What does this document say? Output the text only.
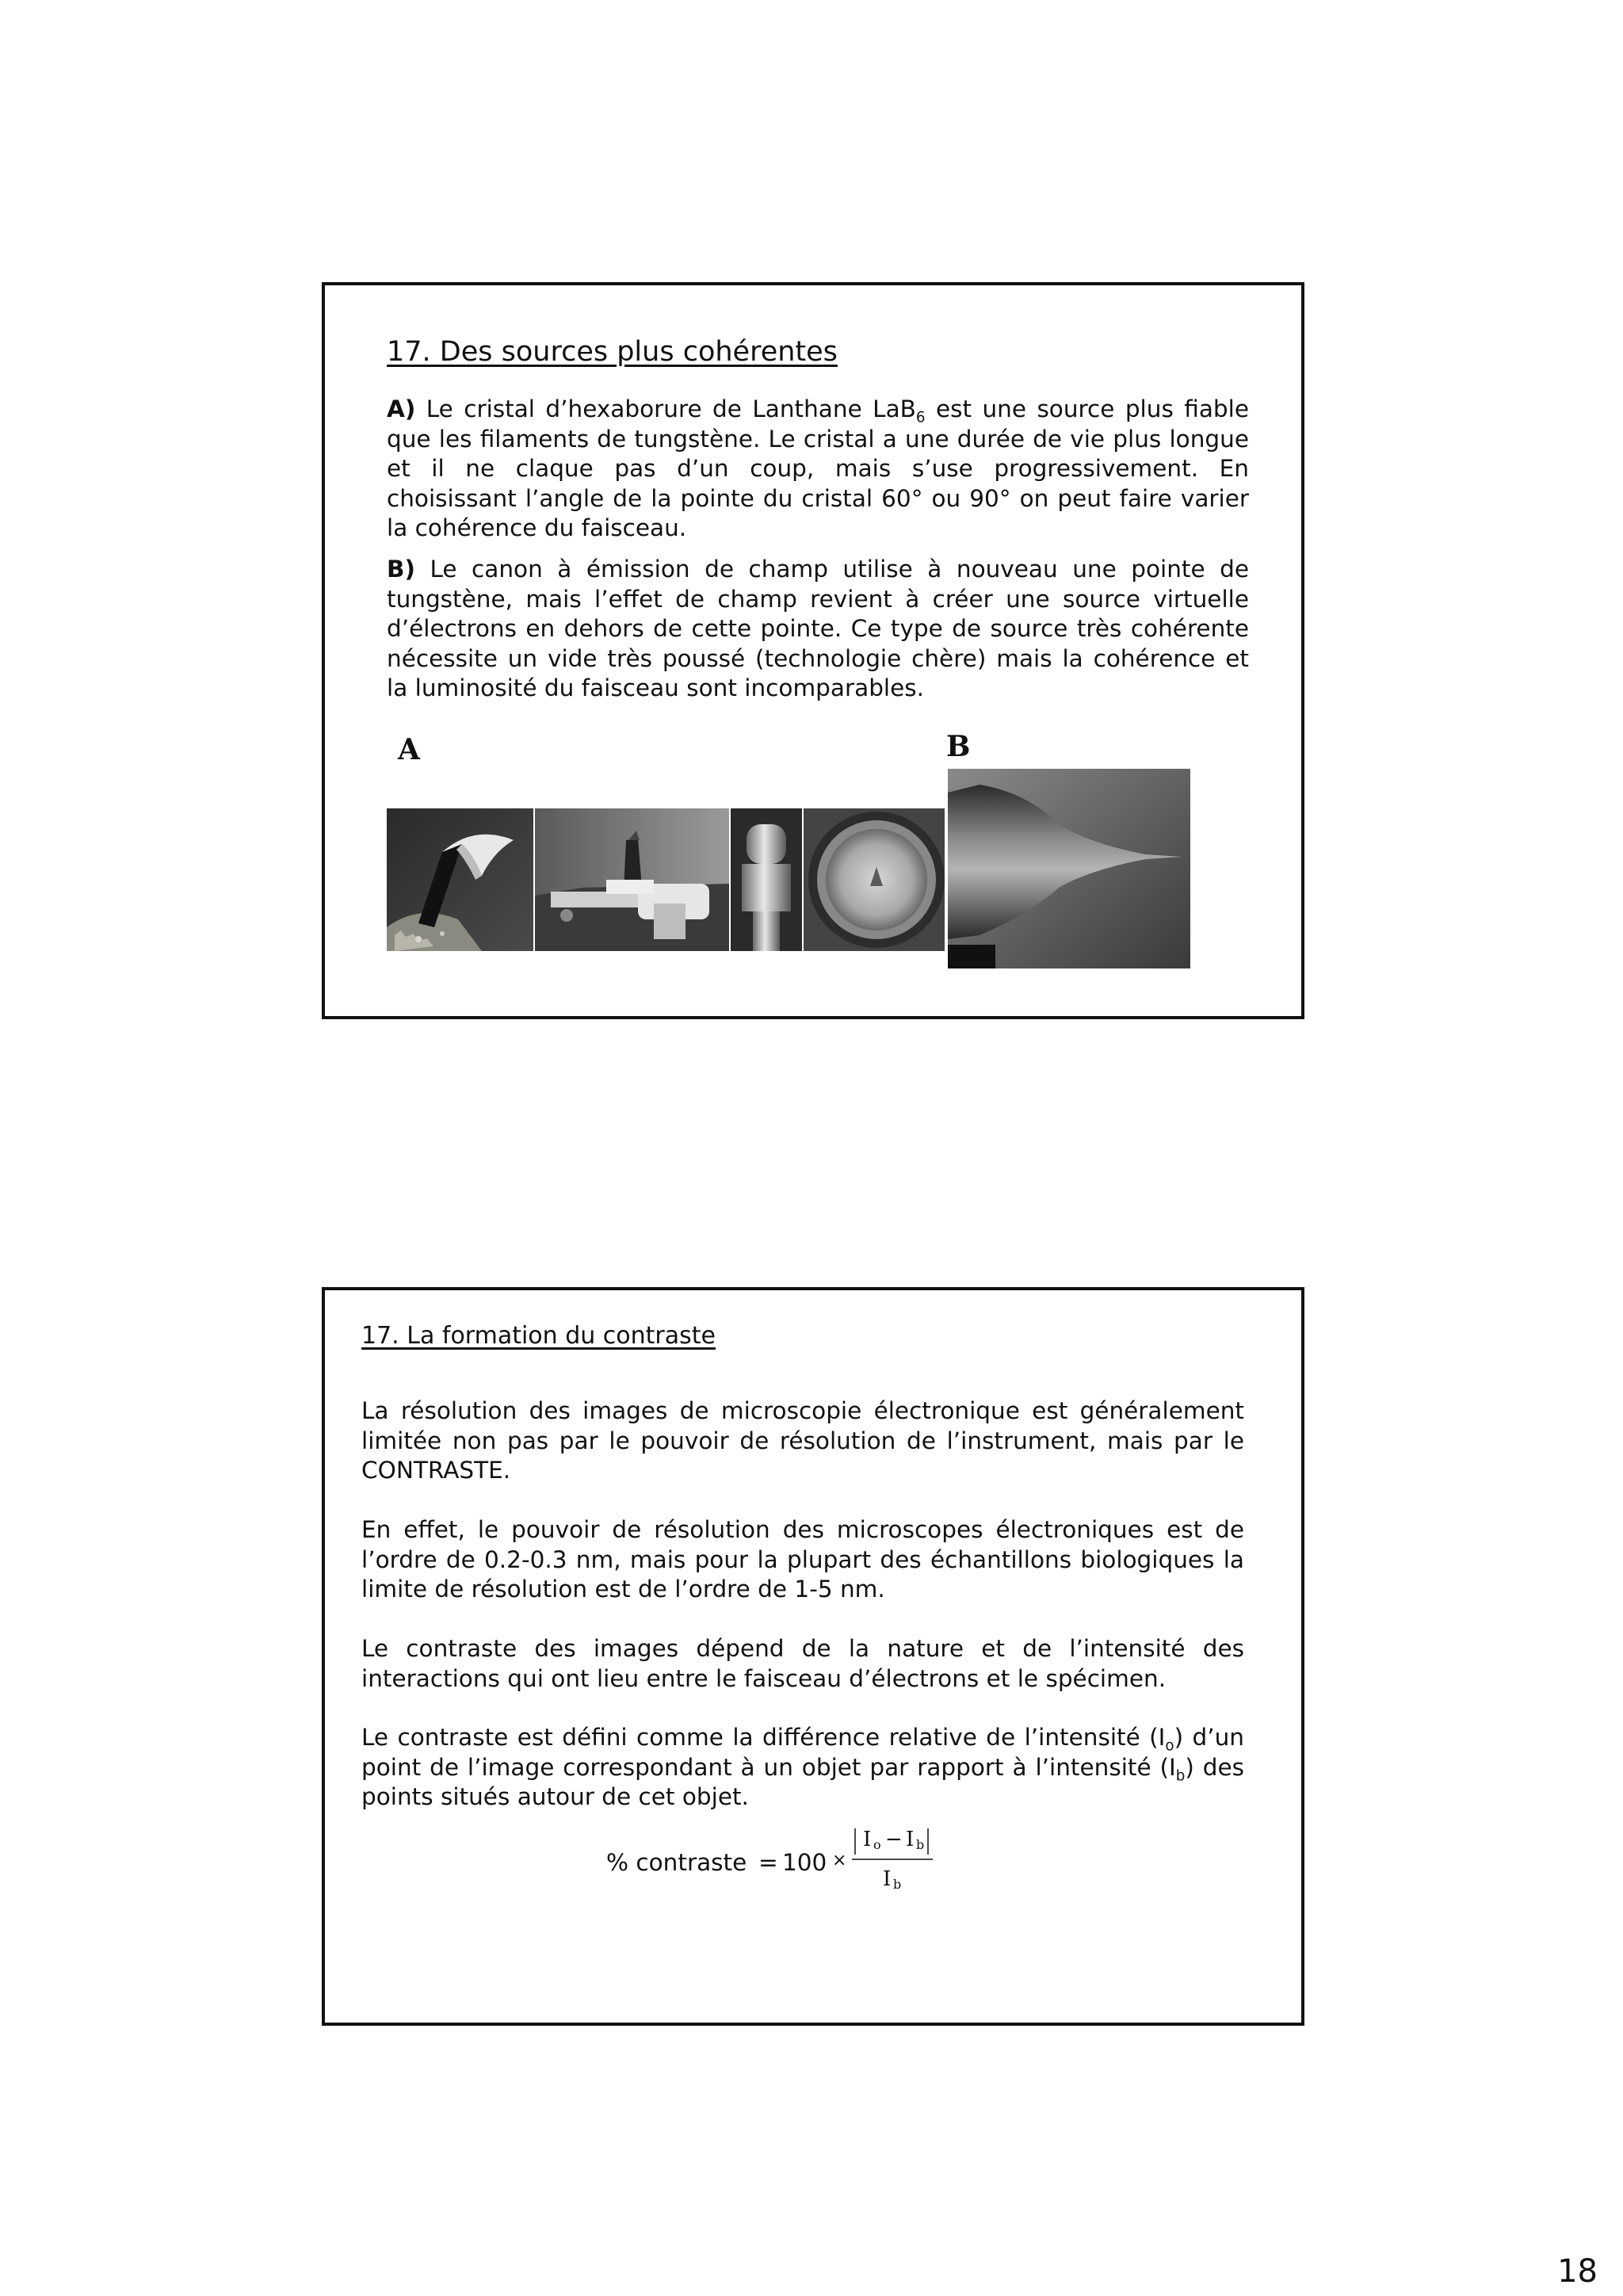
17. Des sources plus cohérentes

A) Le cristal d’hexaborure de Lanthane LaB$_6$ est une source plus fiable que les filaments de tungstène. Le cristal a une durée de vie plus longue et il ne claque pas d’un coup, mais s’use progressivement. En choisissant l’angle de la pointe du cristal 60° ou 90° on peut faire varier la cohérence du faisceau.

B) Le canon à émission de champ utilise à nouveau une pointe de tungstène, mais l’effet de champ revient à créer une source virtuelle d’électrons en dehors de cette pointe. Ce type de source très cohérente nécessite un vide très poussé (technologie chère) mais la cohérence et la luminosité du faisceau sont incomparables.

A	B
17. La formation du contraste

La résolution des images de microscopie électronique est généralement limitée non pas par le pouvoir de résolution de l’instrument, mais par le CONTRASTE.

En effet, le pouvoir de résolution des microscopes électroniques est de l’ordre de 0.2-0.3 nm, mais pour la plupart des échantillons biologiques la limite de résolution est de l’ordre de 1-5 nm.

Le contraste des images dépend de la nature et de l’intensité des interactions qui ont lieu entre le faisceau d’électrons et le spécimen.

Le contraste est défini comme la différence relative de l’intensité $(I_o)$ d’un point de l’image correspondant à un objet par rapport à l’intensité $(I_b)$ des points situés autour de cet objet.

% contraste = 100 ×
I o − I b
I b
18
